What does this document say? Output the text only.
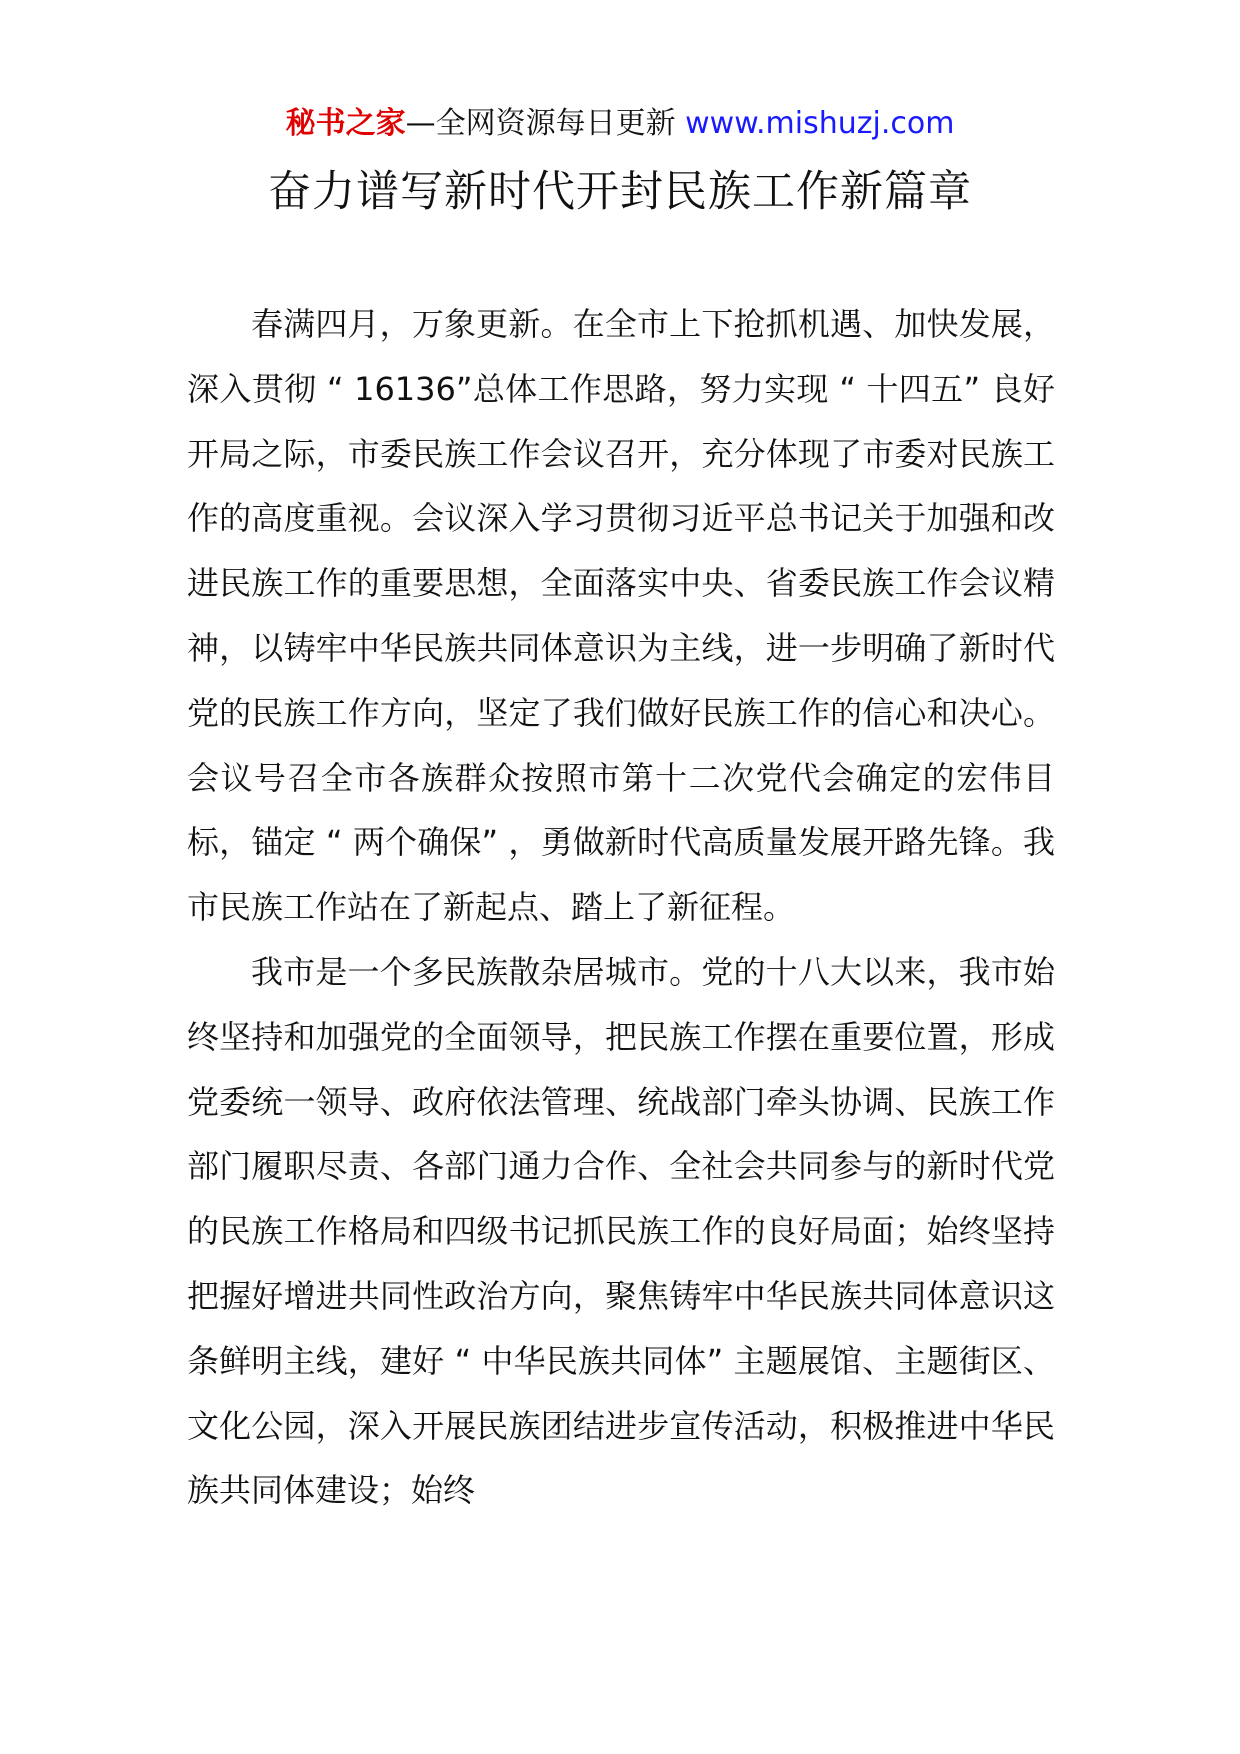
秘书之家—全网资源每日更新 www.mishuzj.com
奋力谱写新时代开封民族工作新篇章

春满四月，万象更新。在全市上下抢抓机遇、加快发展，深入贯彻 “ 16136”总体工作思路，努力实现 “ 十四五” 良好开局之际，市委民族工作会议召开，充分体现了市委对民族工作的高度重视。会议深入学习贯彻习近平总书记关于加强和改进民族工作的重要思想，全面落实中央、省委民族工作会议精神，以铸牢中华民族共同体意识为主线，进一步明确了新时代党的民族工作方向，坚定了我们做好民族工作的信心和决心。会议号召全市各族群众按照市第十二次党代会确定的宏伟目标，锚定 “ 两个确保” ，勇做新时代高质量发展开路先锋。我市民族工作站在了新起点、踏上了新征程。

我市是一个多民族散杂居城市。党的十八大以来，我市始终坚持和加强党的全面领导，把民族工作摆在重要位置，形成党委统一领导、政府依法管理、统战部门牵头协调、民族工作部门履职尽责、各部门通力合作、全社会共同参与的新时代党的民族工作格局和四级书记抓民族工作的良好局面；始终坚持把握好增进共同性政治方向，聚焦铸牢中华民族共同体意识这条鲜明主线，建好 “ 中华民族共同体” 主题展馆、主题街区、文化公园，深入开展民族团结进步宣传活动，积极推进中华民族共同体建设；始终
